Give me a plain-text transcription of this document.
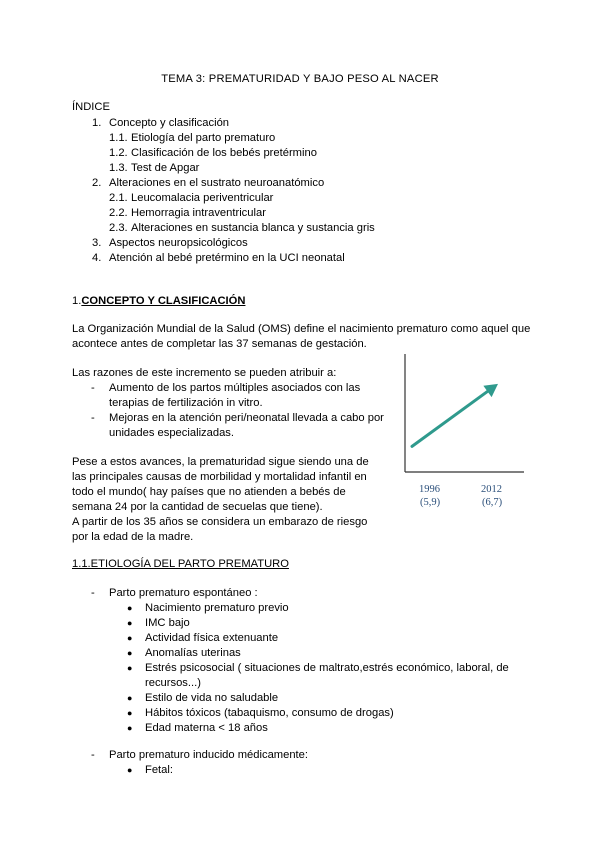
TEMA 3: PREMATURIDAD Y BAJO PESO AL NACER
ÍNDICE
1. Concepto y clasificación
1.1. Etiología del parto prematuro
1.2. Clasificación de los bebés pretérmino
1.3. Test de Apgar
2. Alteraciones en el sustrato neuroanatómico
2.1. Leucomalacia periventricular
2.2. Hemorragia intraventricular
2.3. Alteraciones en sustancia blanca y sustancia gris
3. Aspectos neuropsicológicos
4. Atención al bebé pretérmino en la UCI neonatal
1.CONCEPTO Y CLASIFICACIÓN
La Organización Mundial de la Salud (OMS) define el nacimiento prematuro como aquel que
acontece antes de completar las 37 semanas de gestación.
Las razones de este incremento se pueden atribuir a:
- Aumento de los partos múltiples asociados con las
terapias de fertilización in vitro.
- Mejoras en la atención peri/neonatal llevada a cabo por
unidades especializadas.
Pese a estos avances, la prematuridad sigue siendo una de
las principales causas de morbilidad y mortalidad infantil en
todo el mundo( hay países que no atienden a bebés de
semana 24 por la cantidad de secuelas que tiene).
A partir de los 35 años se considera un embarazo de riesgo
por la edad de la madre.
1996
(5,9)
2012
(6,7)
1.1.ETIOLOGÍA DEL PARTO PREMATURO
- Parto prematuro espontáneo :
● Nacimiento prematuro previo
● IMC bajo
● Actividad física extenuante
● Anomalías uterinas
● Estrés psicosocial ( situaciones de maltrato,estrés económico, laboral, de
recursos...)
● Estilo de vida no saludable
● Hábitos tóxicos (tabaquismo, consumo de drogas)
● Edad materna < 18 años
- Parto prematuro inducido médicamente:
● Fetal:
